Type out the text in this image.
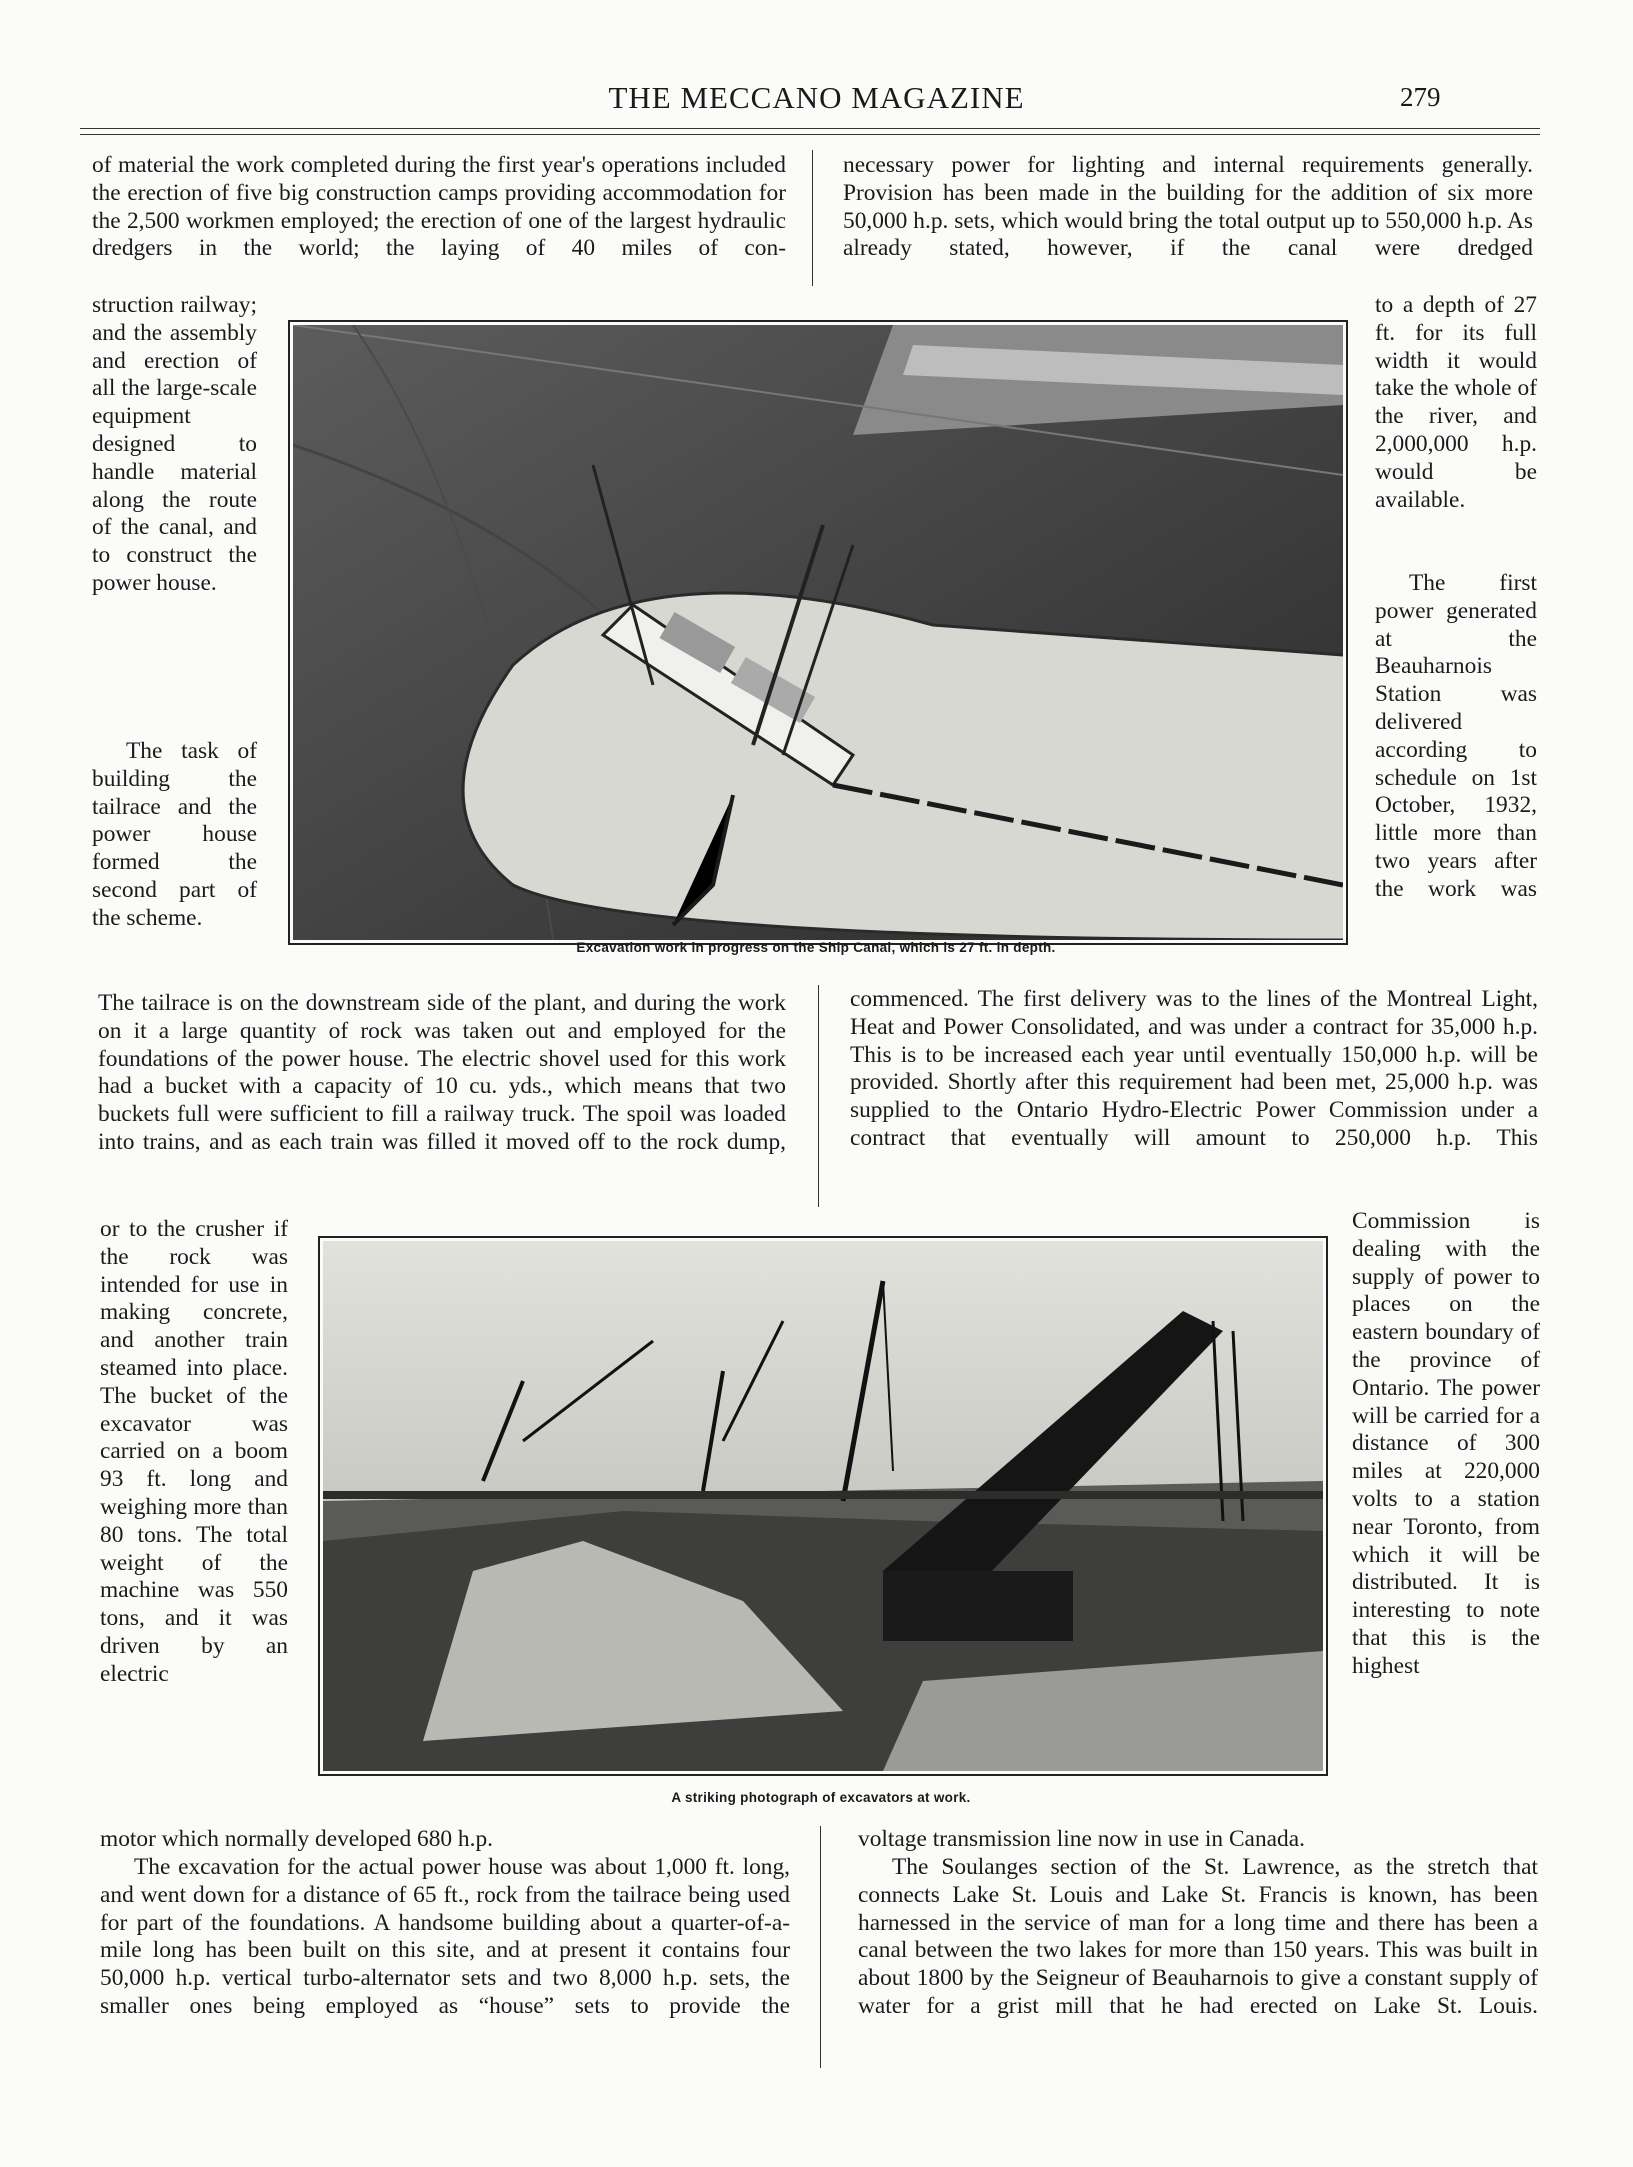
THE MECCANO MAGAZINE	279

of material the work completed during the first year's operations included the erection of five big construction camps providing accommodation for the 2,500 workmen employed; the erection of one of the largest hydraulic dredgers in the world; the laying of 40 miles of con-

struction railway; and the assembly and erection of all the large-scale equipment designed to handle material along the route of the canal, and to construct the power house.

The task of building the tailrace and the power house formed the second part of the scheme.

The tailrace is on the downstream side of the plant, and during the work on it a large quantity of rock was taken out and employed for the foundations of the power house. The electric shovel used for this work had a bucket with a capacity of 10 cu. yds., which means that two buckets full were sufficient to fill a railway truck. The spoil was loaded into trains, and as each train was filled it moved off to the rock dump,

or to the crusher if the rock was intended for use in making concrete, and another train steamed into place. The bucket of the excavator was carried on a boom 93 ft. long and weighing more than 80 tons. The total weight of the machine was 550 tons, and it was driven by an electric

motor which normally developed 680 h.p.

The excavation for the actual power house was about 1,000 ft. long, and went down for a distance of 65 ft., rock from the tailrace being used for part of the foundations. A handsome building about a quarter-of-a-mile long has been built on this site, and at present it contains four 50,000 h.p. vertical turbo-alternator sets and two 8,000 h.p. sets, the smaller ones being employed as “house” sets to provide the

necessary power for lighting and internal requirements generally. Provision has been made in the building for the addition of six more 50,000 h.p. sets, which would bring the total output up to 550,000 h.p. As already stated, however, if the canal were dredged

to a depth of 27 ft. for its full width it would take the whole of the river, and 2,000,000 h.p. would be available.

The first power generated at the Beauharnois Station was delivered according to schedule on 1st October, 1932, little more than two years after the work was

commenced. The first delivery was to the lines of the Montreal Light, Heat and Power Consolidated, and was under a contract for 35,000 h.p. This is to be increased each year until eventually 150,000 h.p. will be provided. Shortly after this requirement had been met, 25,000 h.p. was supplied to the Ontario Hydro-Electric Power Commission under a contract that eventually will amount to 250,000 h.p. This

Commission is dealing with the supply of power to places on the eastern boundary of the province of Ontario. The power will be carried for a distance of 300 miles at 220,000 volts to a station near Toronto, from which it will be distributed. It is interesting to note that this is the highest

voltage transmission line now in use in Canada.

The Soulanges section of the St. Lawrence, as the stretch that connects Lake St. Louis and Lake St. Francis is known, has been harnessed in the service of man for a long time and there has been a canal between the two lakes for more than 150 years. This was built in about 1800 by the Seigneur of Beauharnois to give a constant supply of water for a grist mill that he had erected on Lake St. Louis.

Excavation work in progress on the Ship Canal, which is 27 ft. in depth.
A striking photograph of excavators at work.
